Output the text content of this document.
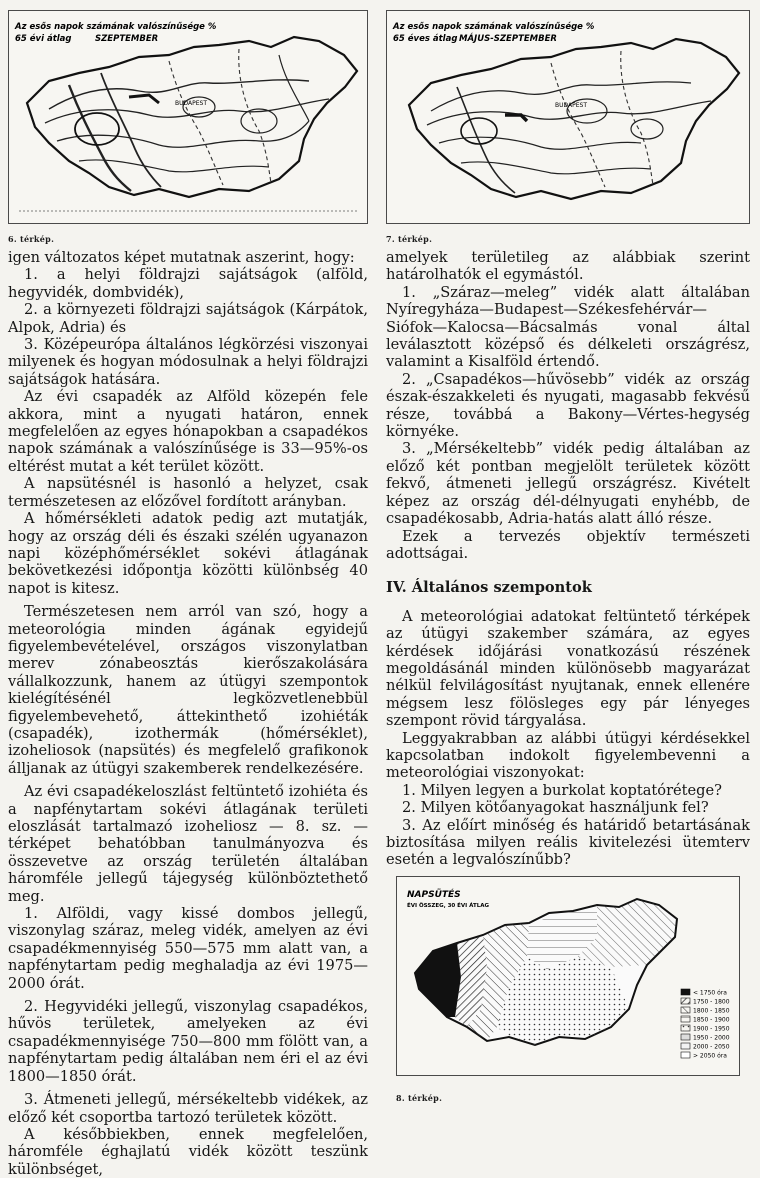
Az esős napok számának valószínűsége %
65 évi átlag	SZEPTEMBER
BUDAPEST
6. térkép.
Az esős napok számának valószínűsége %
65 éves átlag MÁJUS-SZEPTEMBER
BUDAPEST
7. térkép.

igen változatos képet mutatnak aszerint, hogy:

1. a helyi földrajzi sajátságok (alföld, hegyvidék, dombvidék),

2. a környezeti földrajzi sajátságok (Kárpátok, Alpok, Adria) és

3. Középeurópa általános légkörzési viszonyai milyenek és hogyan módosulnak a helyi földrajzi sajátságok hatására.

Az évi csapadék az Alföld közepén fele akkora, mint a nyugati határon, ennek megfelelően az egyes hónapokban a csapadékos napok számának a valószínűsége is 33—95%-os eltérést mutat a két terület között.

A napsütésnél is hasonló a helyzet, csak természetesen az előzővel fordított arányban.

A hőmérsékleti adatok pedig azt mutatják, hogy az ország déli és északi szélén ugyanazon napi középhőmérséklet sokévi átlagának bekövetkezési időpontja közötti különbség 40 napot is kitesz.

Természetesen nem arról van szó, hogy a meteorológia minden ágának egyidejű figyelembevételével, országos viszonylatban merev zónabeosztás kierőszakolására vállalkozzunk, hanem az útügyi szempontok kielégítésénél legközvetlenebbül figyelembevehető, áttekinthető izohiéták (csapadék), izothermák (hőmérséklet), izoheliosok (napsütés) és megfelelő grafikonok álljanak az útügyi szakemberek rendelkezésére.

Az évi csapadékeloszlást feltüntető izohiéta és a napfénytartam sokévi átlagának területi eloszlását tartalmazó izoheliosz — 8. sz. — térképet behatóbban tanulmányozva és összevetve az ország területén általában háromféle jellegű tájegység különböztethető meg.

1. Alföldi, vagy kissé dombos jellegű, viszonylag száraz, meleg vidék, amelyen az évi csapadékmennyiség 550—575 mm alatt van, a napfénytartam pedig meghaladja az évi 1975—2000 órát.

2. Hegyvidéki jellegű, viszonylag csapadékos, hűvös területek, amelyeken az évi csapadékmennyisége 750—800 mm fölött van, a napfénytartam pedig általában nem éri el az évi 1800—1850 órát.

3. Átmeneti jellegű, mérsékeltebb vidékek, az előző két csoportba tartozó területek között.

A későbbiekben, ennek megfelelően, háromféle éghajlatú vidék között teszünk különbséget,

amelyek területileg az alábbiak szerint határolhatók el egymástól.

1. „Száraz—meleg” vidék alatt általában Nyíregyháza—Budapest—Székesfehérvár—Siófok—Kalocsa—Bácsalmás vonal által leválasztott középső és délkeleti országrész, valamint a Kisalföld értendő.

2. „Csapadékos—hűvösebb” vidék az ország észak-északkeleti és nyugati, magasabb fekvésű része, továbbá a Bakony—Vértes-hegység környéke.

3. „Mérsékeltebb” vidék pedig általában az előző két pontban megjelölt területek között fekvő, átmeneti jellegű országrész. Kivételt képez az ország dél-délnyugati enyhébb, de csapadékosabb, Adria-hatás alatt álló része.

Ezek a tervezés objektív természeti adottságai.

IV. Általános szempontok

A meteorológiai adatokat feltüntető térképek az útügyi szakember számára, az egyes kérdések időjárási vonatkozású részének megoldásánál minden különösebb magyarázat nélkül felvilágosítást nyujtanak, ennek ellenére mégsem lesz fölösleges egy pár lényeges szempont rövid tárgyalása.

Leggyakrabban az alábbi útügyi kérdésekkel kapcsolatban indokolt figyelembevenni a meteorológiai viszonyokat:

1. Milyen legyen a burkolat koptatórétege?

2. Milyen kötőanyagokat használjunk fel?

3. Az előírt minőség és határidő betartásának biztosítása milyen reális kivitelezési ütemterv esetén a legvalószínűbb?

NAPSÜTÉS
ÉVI ÖSSZEG, 30 ÉVI ÁTLAG
< 1750 óra
1750 - 1800
1800 - 1850
1850 - 1900
1900 - 1950
1950 - 2000
2000 - 2050
> 2050 óra
8. térkép.
